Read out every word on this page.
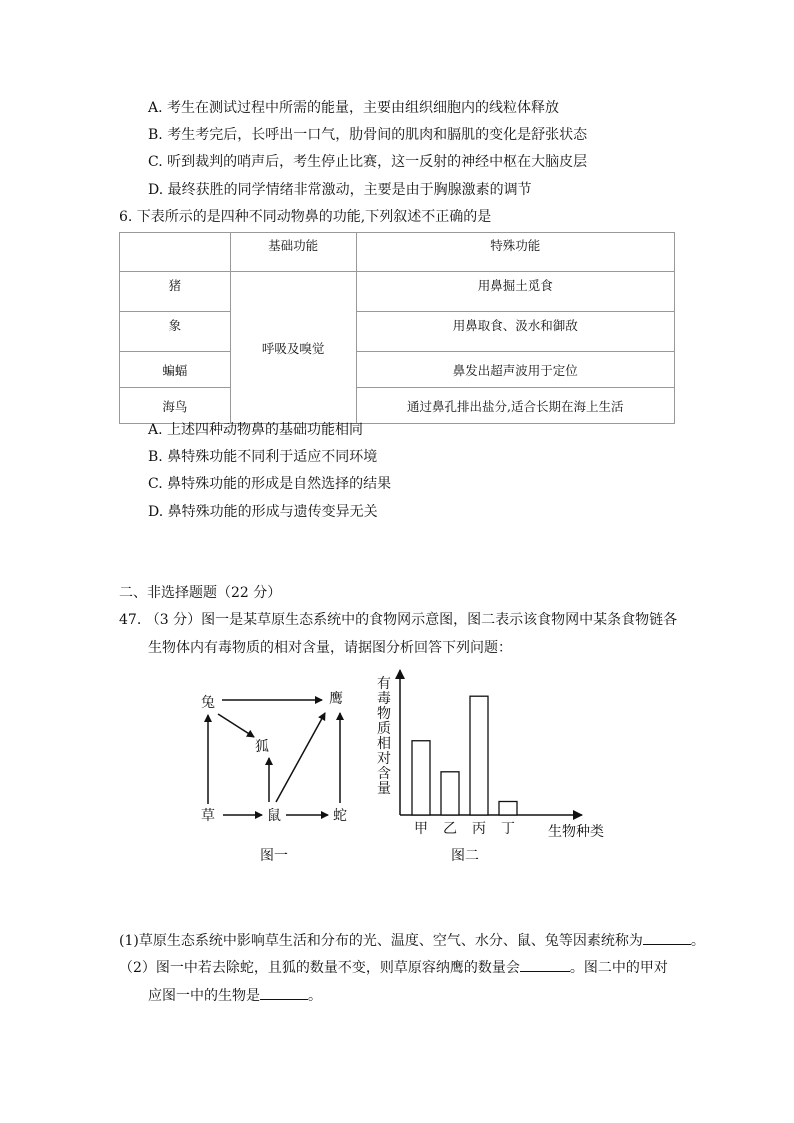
A. 考生在测试过程中所需的能量，主要由组织细胞内的线粒体释放
B. 考生考完后，长呼出一口气，肋骨间的肌肉和膈肌的变化是舒张状态
C. 听到裁判的哨声后，考生停止比赛，这一反射的神经中枢在大脑皮层
D. 最终获胜的同学情绪非常激动，主要是由于胸腺激素的调节
6. 下表所示的是四种不同动物鼻的功能,下列叙述不正确的是
	基础功能	特殊功能
猪	呼吸及嗅觉	用鼻掘土觅食
象		用鼻取食、汲水和御敌
蝙蝠		鼻发出超声波用于定位
海鸟		通过鼻孔排出盐分,适合长期在海上生活
A. 上述四种动物鼻的基础功能相同
B. 鼻特殊功能不同利于适应不同环境
C. 鼻特殊功能的形成是自然选择的结果
D. 鼻特殊功能的形成与遗传变异无关
二、非选择题题（22 分）
47. （3 分）图一是某草原生态系统中的食物网示意图，图二表示该食物网中某条食物链各
生物体内有毒物质的相对含量，请据图分析回答下列问题：
兔	鹰
狐
草	鼠	蛇
图一
有
毒
物
质
相
对
含
量
甲 乙 丙 丁 生物种类
图二
(1)草原生态系统中影响草生活和分布的光、温度、空气、水分、鼠、兔等因素统称为	。
（2）图一中若去除蛇，且狐的数量不变，则草原容纳鹰的数量会	。图二中的甲对
应图一中的生物是	。
